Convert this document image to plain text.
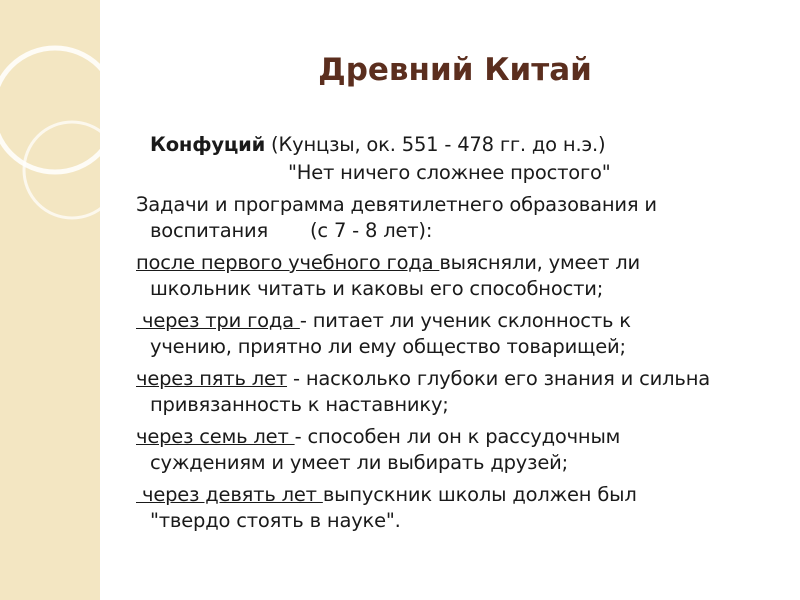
Древний Китай

Конфуций (Кунцзы, ок. 551 - 478 гг. до н.э.)

"Нет ничего сложнее простого"

Задачи и программа девятилетнего образования и

воспитания       (с 7 - 8 лет):

после первого учебного года выясняли, умеет ли

школьник читать и каковы его способности;

через три года - питает ли ученик склонность к

учению, приятно ли ему общество товарищей;

через пять лет - насколько глубоки его знания и сильна

привязанность к наставнику;

через семь лет - способен ли он к рассудочным

суждениям и умеет ли выбирать друзей;

через девять лет выпускник школы должен был

"твердо стоять в науке".
